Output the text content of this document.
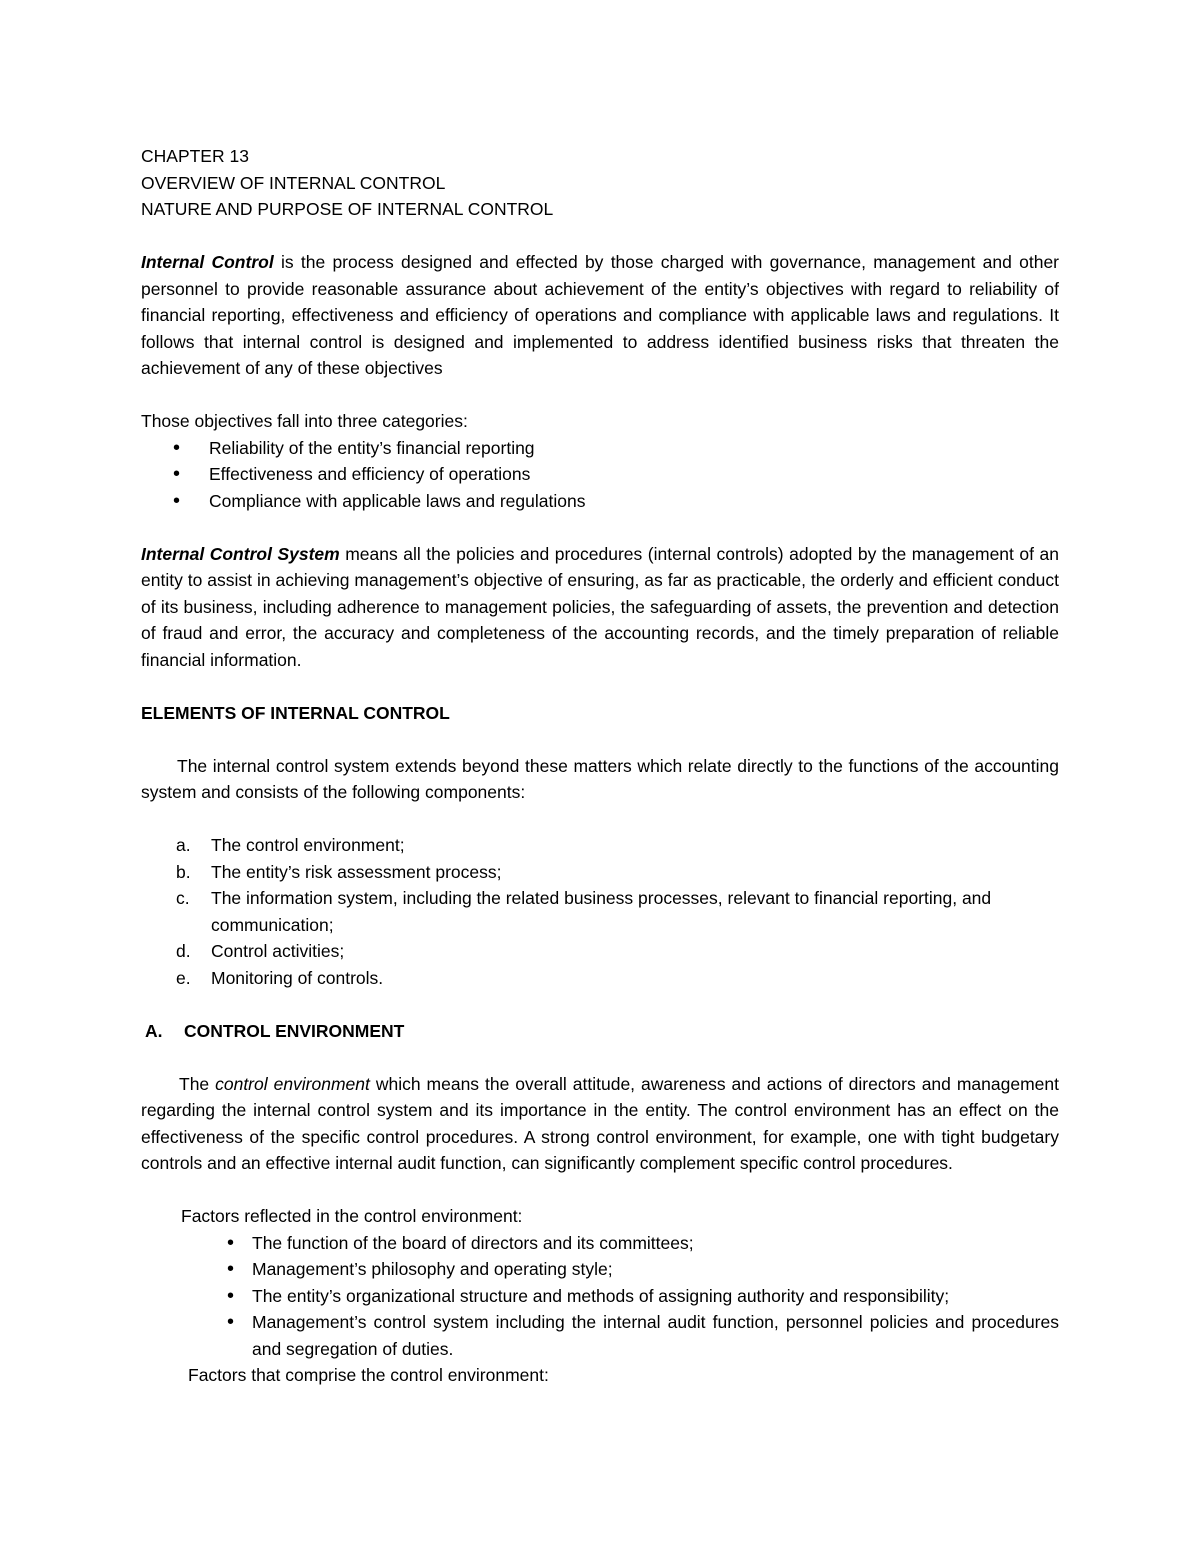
CHAPTER 13

OVERVIEW OF INTERNAL CONTROL

NATURE AND PURPOSE OF INTERNAL CONTROL

Internal Control is the process designed and effected by those charged with governance, management and other personnel to provide reasonable assurance about achievement of the entity’s objectives with regard to reliability of financial reporting, effectiveness and efficiency of operations and compliance with applicable laws and regulations. It follows that internal control is designed and implemented to address identified business risks that threaten the achievement of any of these objectives

Those objectives fall into three categories:

• Reliability of the entity’s financial reporting
• Effectiveness and efficiency of operations
• Compliance with applicable laws and regulations

Internal Control System means all the policies and procedures (internal controls) adopted by the management of an entity to assist in achieving management’s objective of ensuring, as far as practicable, the orderly and efficient conduct of its business, including adherence to management policies, the safeguarding of assets, the prevention and detection of fraud and error, the accuracy and completeness of the accounting records, and the timely preparation of reliable financial information.

ELEMENTS OF INTERNAL CONTROL

The internal control system extends beyond these matters which relate directly to the functions of the accounting system and consists of the following components:

a. The control environment;
b. The entity’s risk assessment process;
c. The information system, including the related business processes, relevant to financial reporting, and communication;
d. Control activities;
e. Monitoring of controls.

A. CONTROL ENVIRONMENT

The control environment which means the overall attitude, awareness and actions of directors and management regarding the internal control system and its importance in the entity. The control environment has an effect on the effectiveness of the specific control procedures. A strong control environment, for example, one with tight budgetary controls and an effective internal audit function, can significantly complement specific control procedures.

Factors reflected in the control environment:

• The function of the board of directors and its committees;
• Management’s philosophy and operating style;
• The entity’s organizational structure and methods of assigning authority and responsibility;
• Management’s control system including the internal audit function, personnel policies and procedures and segregation of duties.

Factors that comprise the control environment:
